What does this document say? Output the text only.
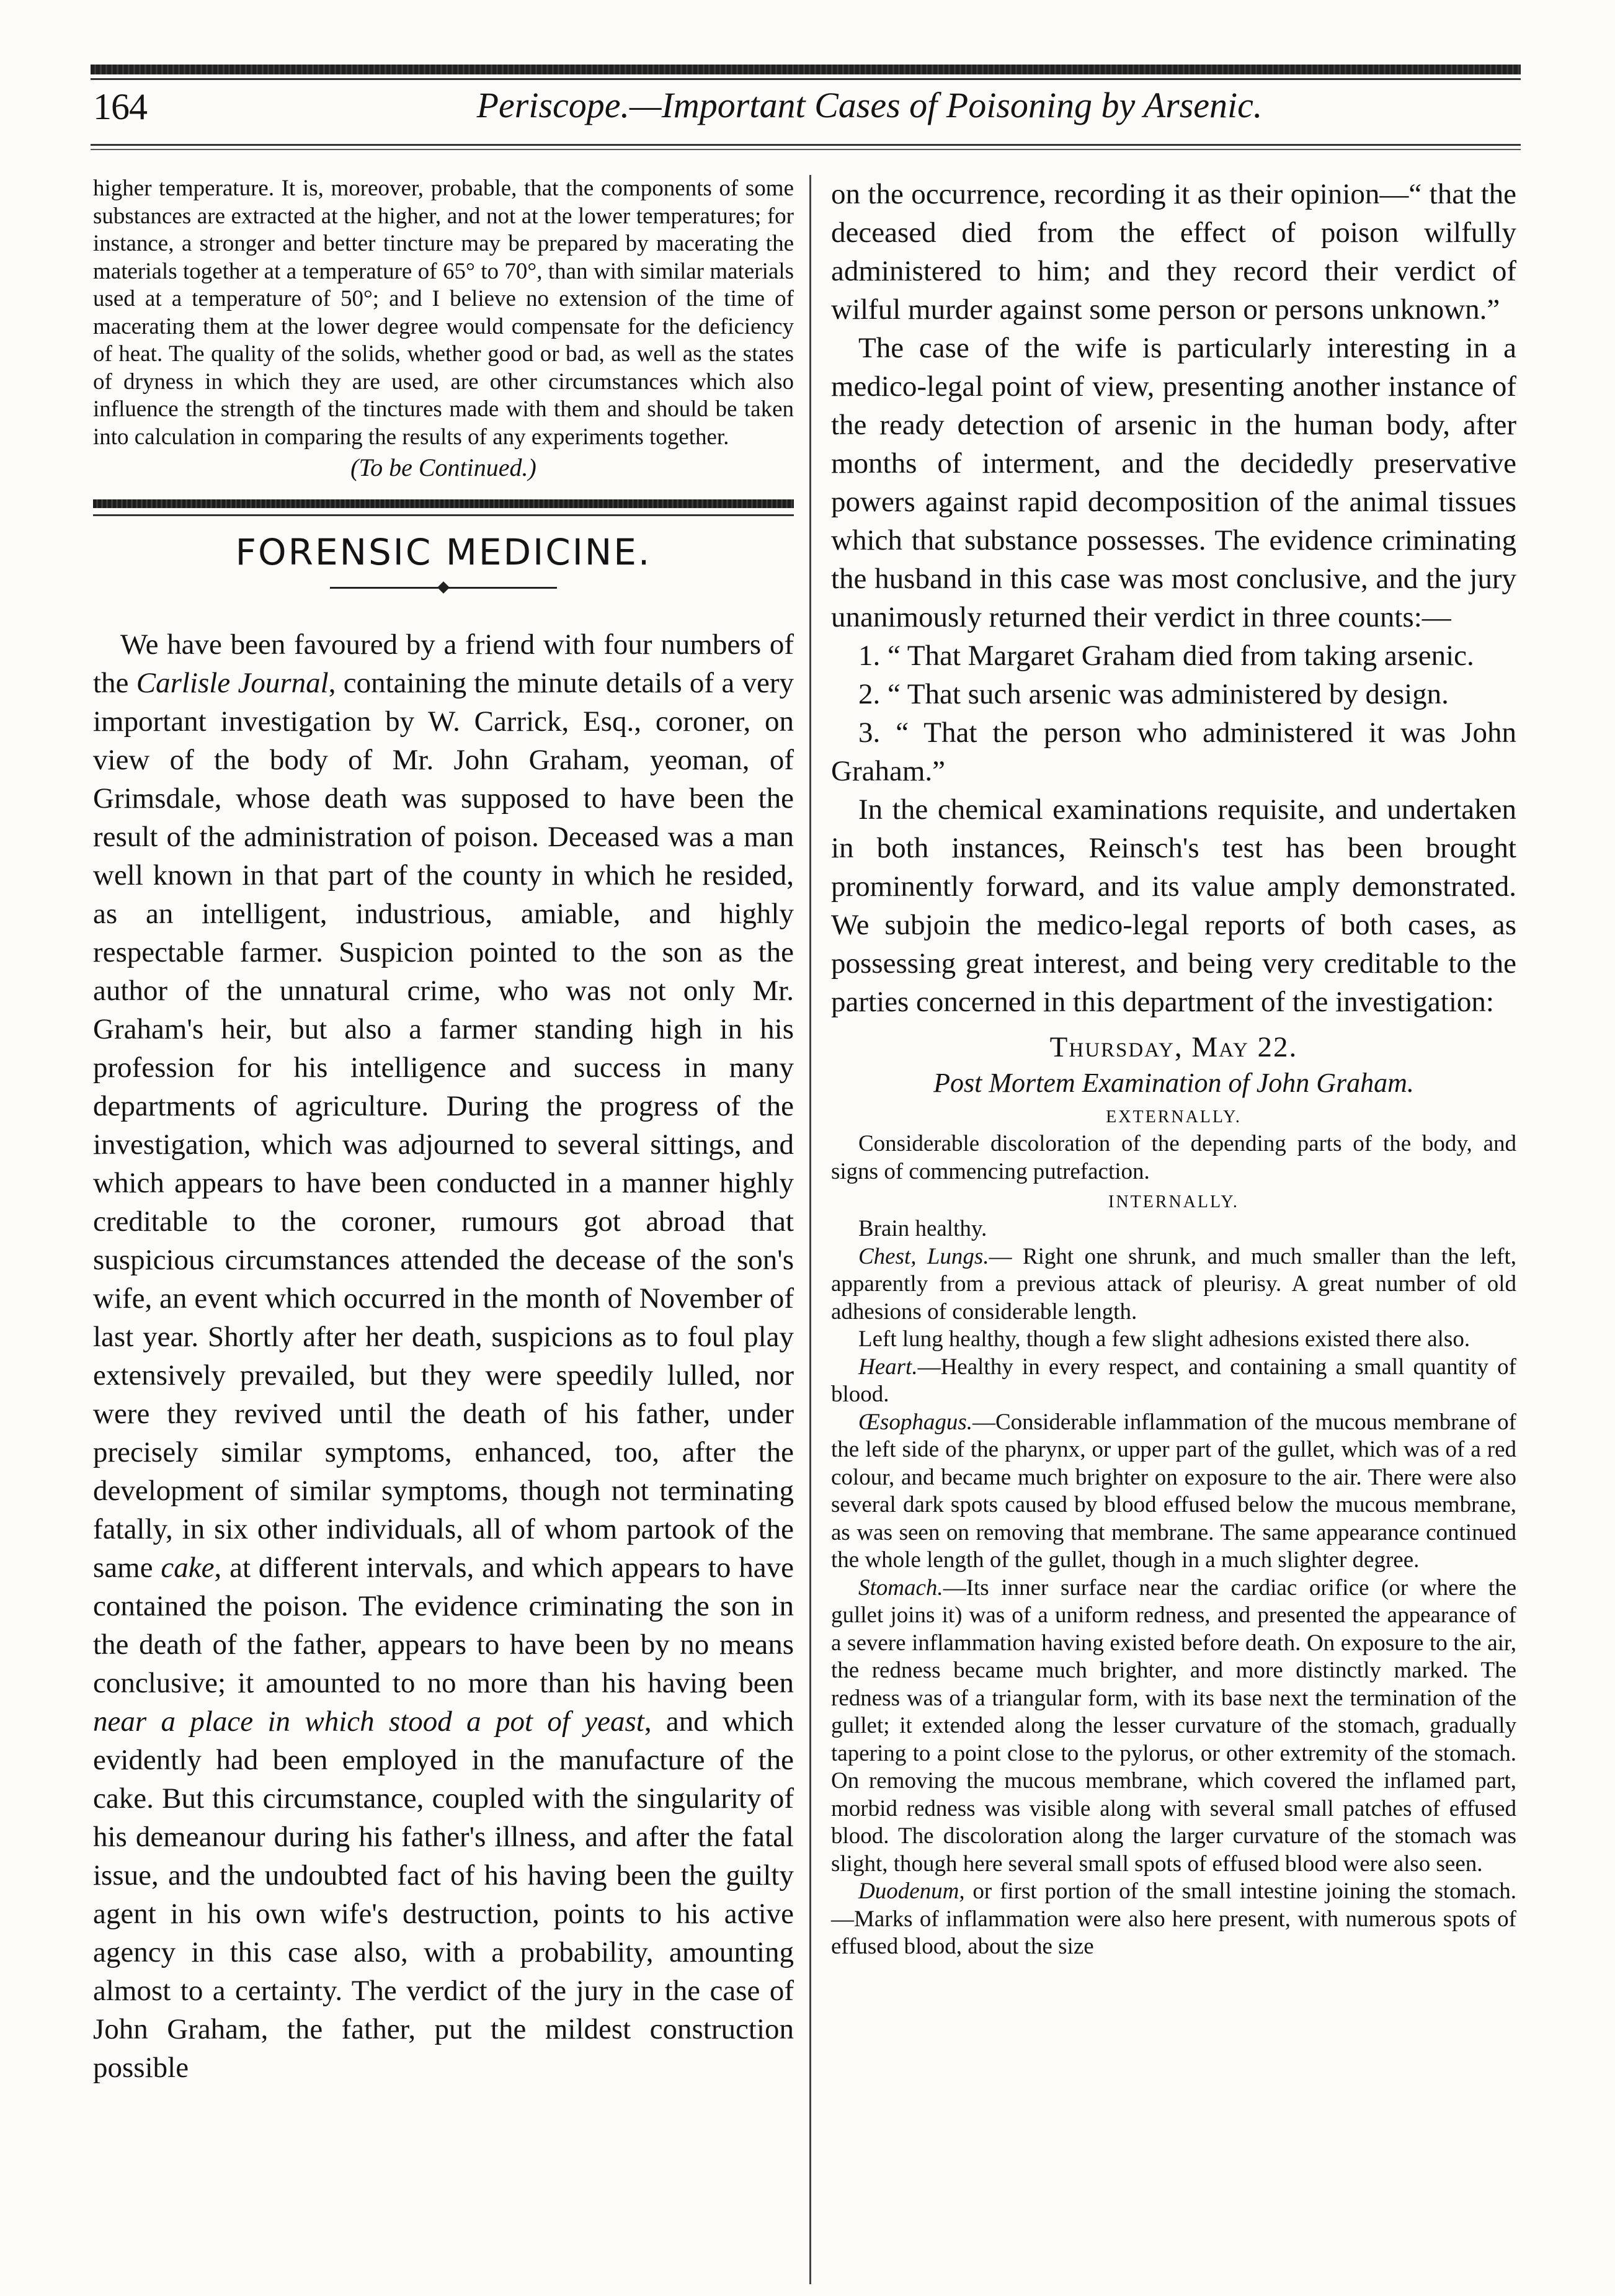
164	Periscope.—Important Cases of Poisoning by Arsenic.

higher temperature. It is, moreover, probable, that the components of some substances are extracted at the higher, and not at the lower temperatures; for instance, a stronger and better tincture may be prepared by macerating the materials together at a temperature of 65° to 70°, than with similar materials used at a temperature of 50°; and I believe no extension of the time of macerating them at the lower degree would compensate for the deficiency of heat. The quality of the solids, whether good or bad, as well as the states of dryness in which they are used, are other circumstances which also influence the strength of the tinctures made with them and should be taken into calculation in comparing the results of any experiments together.

(To be Continued.)

FORENSIC MEDICINE.

We have been favoured by a friend with four numbers of the Carlisle Journal, containing the minute details of a very important investigation by W. Carrick, Esq., coroner, on view of the body of Mr. John Graham, yeoman, of Grimsdale, whose death was supposed to have been the result of the administration of poison. Deceased was a man well known in that part of the county in which he resided, as an intelligent, industrious, amiable, and highly respectable farmer. Suspicion pointed to the son as the author of the unnatural crime, who was not only Mr. Graham's heir, but also a farmer standing high in his profession for his intelligence and success in many departments of agriculture. During the progress of the investigation, which was adjourned to several sittings, and which appears to have been conducted in a manner highly creditable to the coroner, rumours got abroad that suspicious circumstances attended the decease of the son's wife, an event which occurred in the month of November of last year. Shortly after her death, suspicions as to foul play extensively prevailed, but they were speedily lulled, nor were they revived until the death of his father, under precisely similar symptoms, enhanced, too, after the development of similar symptoms, though not terminating fatally, in six other individuals, all of whom partook of the same cake, at different intervals, and which appears to have contained the poison. The evidence criminating the son in the death of the father, appears to have been by no means conclusive; it amounted to no more than his having been near a place in which stood a pot of yeast, and which evidently had been employed in the manufacture of the cake. But this circumstance, coupled with the singularity of his demeanour during his father's illness, and after the fatal issue, and the undoubted fact of his having been the guilty agent in his own wife's destruction, points to his active agency in this case also, with a probability, amounting almost to a certainty. The verdict of the jury in the case of John Graham, the father, put the mildest construction possible

on the occurrence, recording it as their opinion—“ that the deceased died from the effect of poison wilfully administered to him; and they record their verdict of wilful murder against some person or persons unknown.”

The case of the wife is particularly interesting in a medico-legal point of view, presenting another instance of the ready detection of arsenic in the human body, after months of interment, and the decidedly preservative powers against rapid decomposition of the animal tissues which that substance possesses. The evidence criminating the husband in this case was most conclusive, and the jury unanimously returned their verdict in three counts:—

1. “ That Margaret Graham died from taking arsenic.

2. “ That such arsenic was administered by design.

3. “ That the person who administered it was John Graham.”

In the chemical examinations requisite, and undertaken in both instances, Reinsch's test has been brought prominently forward, and its value amply demonstrated. We subjoin the medico-legal reports of both cases, as possessing great interest, and being very creditable to the parties concerned in this department of the investigation:

Thursday, May 22.
Post Mortem Examination of John Graham.
EXTERNALLY.

Considerable discoloration of the depending parts of the body, and signs of commencing putrefaction.

INTERNALLY.

Brain healthy.

Chest, Lungs.— Right one shrunk, and much smaller than the left, apparently from a previous attack of pleurisy. A great number of old adhesions of considerable length.

Left lung healthy, though a few slight adhesions existed there also.

Heart.—Healthy in every respect, and containing a small quantity of blood.

Œsophagus.—Considerable inflammation of the mucous membrane of the left side of the pharynx, or upper part of the gullet, which was of a red colour, and became much brighter on exposure to the air. There were also several dark spots caused by blood effused below the mucous membrane, as was seen on removing that membrane. The same appearance continued the whole length of the gullet, though in a much slighter degree.

Stomach.—Its inner surface near the cardiac orifice (or where the gullet joins it) was of a uniform redness, and presented the appearance of a severe inflammation having existed before death. On exposure to the air, the redness became much brighter, and more distinctly marked. The redness was of a triangular form, with its base next the termination of the gullet; it extended along the lesser curvature of the stomach, gradually tapering to a point close to the pylorus, or other extremity of the stomach. On removing the mucous membrane, which covered the inflamed part, morbid redness was visible along with several small patches of effused blood. The discoloration along the larger curvature of the stomach was slight, though here several small spots of effused blood were also seen.

Duodenum, or first portion of the small intestine joining the stomach.—Marks of inflammation were also here present, with numerous spots of effused blood, about the size
